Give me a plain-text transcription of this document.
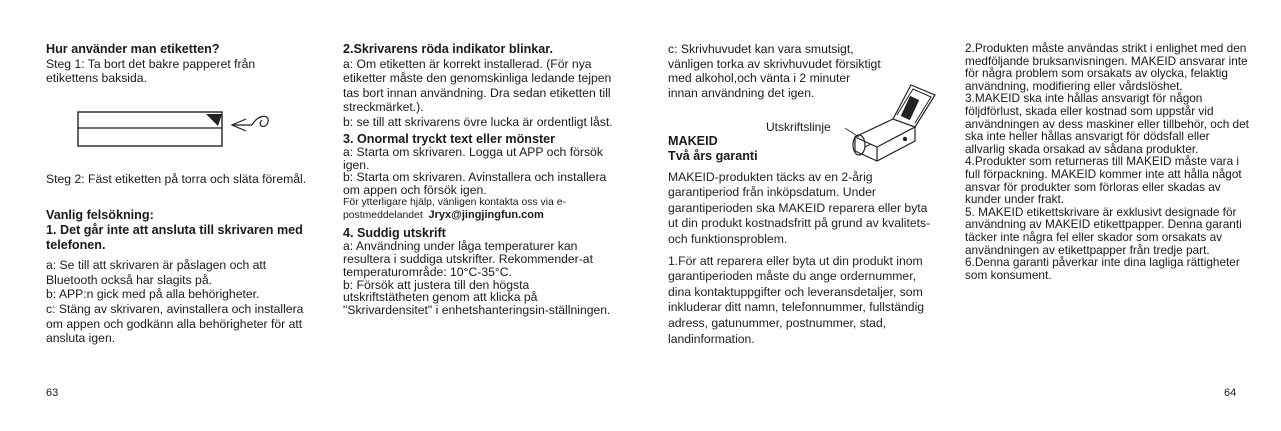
Hur använder man etiketten?

Steg 1: Ta bort det bakre papperet från etikettens baksida.

Steg 2: Fäst etiketten på torra och släta föremål.

Vanlig felsökning:

1. Det går inte att ansluta till skrivaren med telefonen.

a: Se till att skrivaren är påslagen och att Bluetooth också har slagits på.

b: APP:n gick med på alla behörigheter.

c: Stäng av skrivaren, avinstallera och installera om appen och godkänn alla behörigheter för att ansluta igen.

63

2.Skrivarens röda indikator blinkar.

a: Om etiketten är korrekt installerad. (För nya etiketter måste den genomskinliga ledande tejpen tas bort innan användning. Dra sedan etiketten till streckmärket.).

b: se till att skrivarens övre lucka är ordentligt låst.

3. Onormal tryckt text eller mönster

a: Starta om skrivaren. Logga ut APP och försök igen.

b: Starta om skrivaren. Avinstallera och installera om appen och försök igen.

För ytterligare hjälp, vänligen kontakta oss via e-postmeddelandet Jryx@jingjingfun.com

4. Suddig utskrift

a: Användning under låga temperaturer kan resultera i suddiga utskrifter. Rekommender-at temperaturområde: 10°C-35°C.

b: Försök att justera till den högsta utskriftstätheten genom att klicka på "Skrivardensitet" i enhetshanteringsin-ställningen.

c: Skrivhuvudet kan vara smutsigt, vänligen torka av skrivhuvudet försiktigt med alkohol,och vänta i 2 minuter innan användning det igen.

MAKEID

Två års garanti

MAKEID-produkten täcks av en 2-årig garantiperiod från inköpsdatum. Under garantiperioden ska MAKEID reparera eller byta ut din produkt kostnadsfritt på grund av kvalitets- och funktionsproblem.

1.För att reparera eller byta ut din produkt inom garantiperioden måste du ange ordernummer, dina kontaktuppgifter och leveransdetaljer, som inkluderar ditt namn, telefonnummer, fullständig adress, gatunummer, postnummer, stad, landinformation.

Utskriftslinje

2.Produkten måste användas strikt i enlighet med den medföljande bruksanvisningen. MAKEID ansvarar inte för några problem som orsakats av olycka, felaktig användning, modifiering eller vårdslöshet.

3.MAKEID ska inte hållas ansvarigt för någon följdförlust, skada eller kostnad som uppstår vid användningen av dess maskiner eller tillbehör, och det ska inte heller hållas ansvarigt för dödsfall eller allvarlig skada orsakad av sådana produkter.

4.Produkter som returneras till MAKEID måste vara i full förpackning. MAKEID kommer inte att hålla något ansvar för produkter som förloras eller skadas av kunder under frakt.

5. MAKEID etikettskrivare är exklusivt designade för användning av MAKEID etikettpapper. Denna garanti täcker inte några fel eller skador som orsakats av användningen av etikettpapper från tredje part.

6.Denna garanti påverkar inte dina lagliga rättigheter som konsument.

64
